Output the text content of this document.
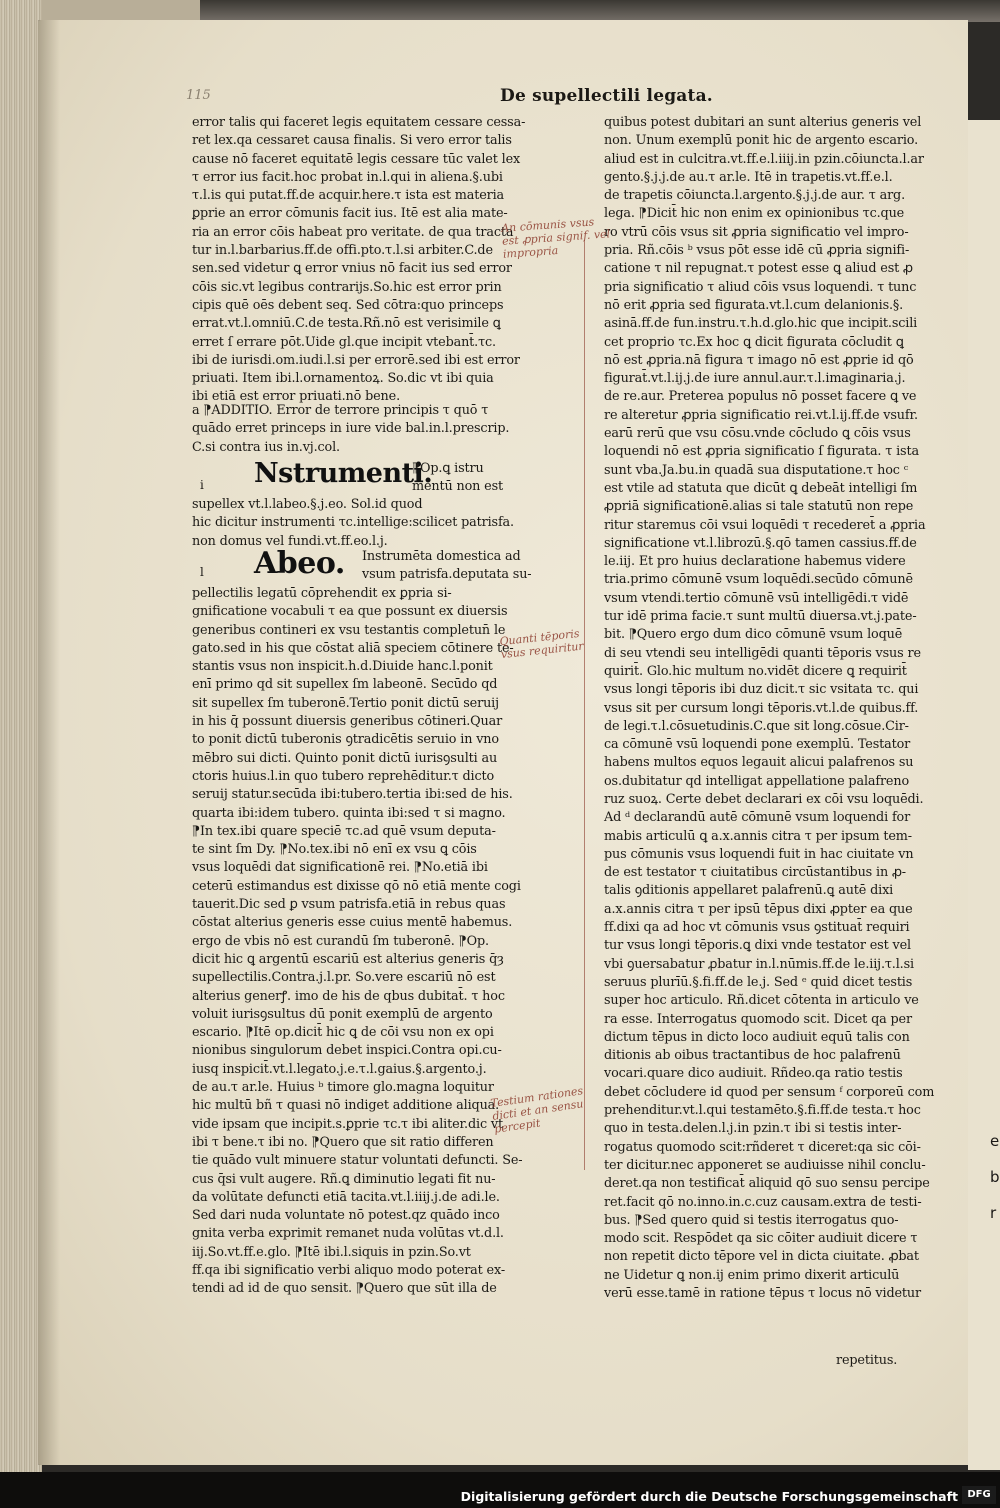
e
b
r
115	De supellectili legata.
error talis qui faceret legis equitatem cessare cessa-
ret lex.qa cessaret causa finalis. Si vero error talis
cause nō faceret equitatē legis cessare tūc valet lex
τ error ius facit.hoc probat in.l.qui in aliena.§.ubi
τ.l.is qui putat.ff.de acquir.here.τ ista est materia
ꝑprie an error cōmunis facit ius. Itē est alia mate-
ria an error cōis habeat pro veritate. de qua tracta
tur in.l.barbarius.ff.de offi.pto.τ.l.si arbiter.C.de
sen.sed videtur ꝗ error vnius nō facit ius sed error
cōis sic.vt legibus contrarijs.So.hic est error prin
cipis quē oēs debent seq. Sed cōtra:quo princeps
errat.vt.l.omniū.C.de testa.Rñ.nō est verisimile ꝗ
erret ſ errare pōt.Uide gl.que incipit vtebant̄.τc.
ibi de iurisdi.om.iudi.l.si per errorē.sed ibi est error
priuati. Item ibi.l.ornamentoꝝ. So.dic vt ibi quia
ibi etiā est error priuati.nō bene.
a ⁋ADDITIO. Error de terrore principis τ quō τ
quādo erret princeps in iure vide bal.in.l.prescrip.
C.si contra ius in.vj.col.
Nstrumenti.
i
⁋Op.ꝗ istru
mentū non est
supellex vt.l.labeo.§.j.eo. Sol.id quod
hic dicitur instrumenti τc.intellige:scilicet patrisfa.
non domus vel fundi.vt.ff.eo.l.j.
Abeo.
l
Instrumēta domestica ad
vsum patrisfa.deputata su-
pellectilis legatū cōprehendit ex ꝑpria si-
gnificatione vocabuli τ ea que possunt ex diuersis
generibus contineri ex vsu testantis completun̄ le
gato.sed in his que cōstat aliā speciem cōtinere te-
stantis vsus non inspicit.h.d.Diuide hanc.l.ponit
enī primo qd sit supellex ſm labeonē. Secūdo qd
sit supellex ſm tuberonē.Tertio ponit dictū seruij
in his q̄ possunt diuersis generibus cōtineri.Quar
to ponit dictū tuberonis ꝯtradicētis seruio in vno
mēbro sui dicti. Quinto ponit dictū iurisꝯsulti au
ctoris huius.l.in quo tubero reprehēditur.τ dicto
seruij statur.secūda ibi:tubero.tertia ibi:sed de his.
quarta ibi:idem tubero. quinta ibi:sed τ si magno.
⁋In tex.ibi quare speciē τc.ad quē vsum deputa-
te sint ſm Dy. ⁋No.tex.ibi nō enī ex vsu ꝗ cōis
vsus loquēdi dat significationē rei. ⁋No.etiā ibi
ceterū estimandus est dixisse qō nō etiā mente cogi
tauerit.Dic sed ꝑ vsum patrisfa.etiā in rebus quas
cōstat alterius generis esse cuius mentē habemus.
ergo de vbis nō est curandū ſm tuberonē. ⁋Op.
dicit hic ꝗ argentū escariū est alterius generis q̄ȝ
supellectilis.Contra.j.l.pr. So.vere escariū nō est
alterius generꝭ. imo de his de qbus dubitat̄. τ hoc
voluit iurisꝯsultus dū ponit exemplū de argento
escario. ⁋Itē op.dicit̄ hic ꝗ de cōi vsu non ex opi
nionibus singulorum debet inspici.Contra opi.cu-
iusq inspicit̄.vt.l.legato.j.e.τ.l.gaius.§.argento.j.
de au.τ ar.le. Huius ᵇ timore glo.magna loquitur
hic multū bñ τ quasi nō indiget additione aliqua.
vide ipsam que incipit.s.ꝑprie τc.τ ibi aliter.dic vt
ibi τ bene.τ ibi no. ⁋Quero que sit ratio differen
tie quādo vult minuere statur voluntati defuncti. Se-
cus q̄si vult augere. Rñ.ꝗ diminutio legati fit nu-
da volūtate defuncti etiā tacita.vt.l.iiij.j.de adi.le.
Sed dari nuda voluntate nō potest.qz quādo inco
gnita verba exprimit remanet nuda volūtas vt.d.l.
iij.So.vt.ff.e.glo. ⁋Itē ibi.l.siquis in pzin.So.vt
ff.qa ibi significatio verbi aliquo modo poterat ex-
tendi ad id de quo sensit. ⁋Quero que sūt illa de
quibus potest dubitari an sunt alterius generis vel
non. Unum exemplū ponit hic de argento escario.
aliud est in culcitra.vt.ff.e.l.iiij.in pzin.cōiuncta.l.ar
gento.§.j.j.de au.τ ar.le. Itē in trapetis.vt.ff.e.l.
de trapetis cōiuncta.l.argento.§.j.j.de aur. τ arg.
lega. ⁋Dicit̄ hic non enim ex opinionibus τc.que
ro vtrū cōis vsus sit ꝓpria significatio vel impro-
pria. Rñ.cōis ᵇ vsus pōt esse idē cū ꝓpria signifi-
catione τ nil repugnat.τ potest esse ꝗ aliud est ꝓ
pria significatio τ aliud cōis vsus loquendi. τ tunc
nō erit ꝓpria sed figurata.vt.l.cum delanionis.§.
asinā.ff.de fun.instru.τ.h.d.glo.hic que incipit.scili
cet proprio τc.Ex hoc ꝗ dicit figurata cōcludit ꝗ
nō est ꝓpria.nā figura τ imago nō est ꝓprie id qō
figurat̄.vt.l.ij.j.de iure annul.aur.τ.l.imaginaria.j.
de re.aur. Preterea populus nō posset facere ꝗ ve
re alteretur ꝓpria significatio rei.vt.l.ij.ff.de vsufr.
earū rerū que vsu cōsu.vnde cōcludo ꝗ cōis vsus
loquendi nō est ꝓpria significatio ſ figurata. τ ista
sunt vba.Ja.bu.in quadā sua disputatione.τ hoc ᶜ
est vtile ad statuta que dicūt ꝗ debeāt intelligi ſm
ꝓpriā significationē.alias si tale statutū non repe
ritur staremus cōi vsui loquēdi τ recederet̄ a ꝓpria
significatione vt.l.librozū.§.qō tamen cassius.ff.de
le.iij. Et pro huius declaratione habemus videre
tria.primo cōmunē vsum loquēdi.secūdo cōmunē
vsum vtendi.tertio cōmunē vsū intelligēdi.τ vidē
tur idē prima facie.τ sunt multū diuersa.vt.j.pate-
bit. ⁋Quero ergo dum dico cōmunē vsum loquē
di seu vtendi seu intelligēdi quanti tēporis vsus re
quirit̄. Glo.hic multum no.vidēt dicere ꝗ requirit̄
vsus longi tēporis ibi duz dicit.τ sic vsitata τc. qui
vsus sit per cursum longi tēporis.vt.l.de quibus.ff.
de legi.τ.l.cōsuetudinis.C.que sit long.cōsue.Cir-
ca cōmunē vsū loquendi pone exemplū. Testator
habens multos equos legauit alicui palafrenos su
os.dubitatur qd intelligat appellatione palafreno
ruz suoꝝ. Certe debet declarari ex cōi vsu loquēdi.
Ad ᵈ declarandū autē cōmunē vsum loquendi for
mabis articulū ꝗ a.x.annis citra τ per ipsum tem-
pus cōmunis vsus loquendi fuit in hac ciuitate vn
de est testator τ ciuitatibus circūstantibus in ꝓ-
talis ꝯditionis appellaret palafrenū.ꝗ autē dixi
a.x.annis citra τ per ipsū tēpus dixi ꝓpter ea que
ff.dixi qa ad hoc vt cōmunis vsus ꝯstituat̄ requiri
tur vsus longi tēporis.ꝗ dixi vnde testator est vel
vbi ꝯuersabatur ꝓbatur in.l.nūmis.ff.de le.iij.τ.l.si
seruus plurīū.§.fi.ff.de le.j. Sed ᵉ quid dicet testis
super hoc articulo. Rñ.dicet cōtenta in articulo ve
ra esse. Interrogatus quomodo scit. Dicet qa per
dictum tēpus in dicto loco audiuit equū talis con
ditionis ab oibus tractantibus de hoc palafrenū
vocari.quare dico audiuit. Rñdeo.qa ratio testis
debet cōcludere id quod per sensum ᶠ corporeū com
prehenditur.vt.l.qui testamēto.§.fi.ff.de testa.τ hoc
quo in testa.delen.l.j.in pzin.τ ibi si testis inter-
rogatus quomodo scit:rñderet τ diceret:qa sic cōi-
ter dicitur.nec apponeret se audiuisse nihil conclu-
deret.qa non testificat̄ aliquid qō suo sensu percipe
ret.facit qō no.inno.in.c.cuz causam.extra de testi-
bus. ⁋Sed quero quid si testis iterrogatus quo-
modo scit. Respōdet qa sic cōiter audiuit dicere τ
non repetit dicto tēpore vel in dicta ciuitate. ꝓbat
ne Uidetur ꝗ non.ij enim primo dixerit articulū
verū esse.tamē in ratione tēpus τ locus nō videtur
repetitus.
An cōmunis vsus est ꝓpria signif. vel impropria
Quanti tēporis vsus requiritur
Testium rationes dicti et an sensu percepit
Digitalisierung gefördert durch die Deutsche Forschungsgemeinschaft DFG
